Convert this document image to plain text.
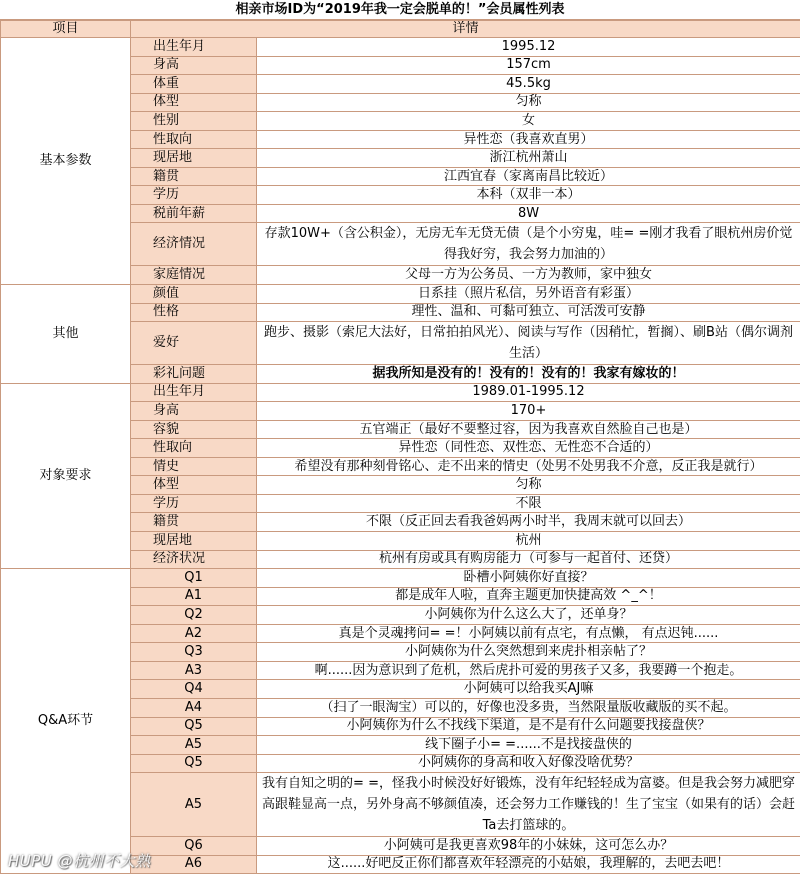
相亲市场ID为“2019年我一定会脱单的！”会员属性列表
项目	详情	
基本参数	出生年月	1995.12
	身高	157cm
	体重	45.5kg
	体型	匀称
	性别	女
	性取向	异性恋（我喜欢直男）
	现居地	浙江杭州萧山
	籍贯	江西宜春（家离南昌比较近）
	学历	本科（双非一本）
	税前年薪	8W
	经济情况	存款10W+（含公积金），无房无车无贷无债（是个小穷鬼，哇= =刚才我看了眼杭州房价觉得我好穷，我会努力加油的）
	家庭情况	父母一方为公务员、一方为教师，家中独女
其他	颜值	日系挂（照片私信，另外语音有彩蛋）
	性格	理性、温和、可黏可独立、可活泼可安静
	爱好	跑步、摄影（索尼大法好，日常拍拍风光）、阅读与写作（因稍忙，暂搁）、刷B站（偶尔调剂生活）
	彩礼问题	据我所知是没有的！没有的！没有的！我家有嫁妆的！
对象要求	出生年月	1989.01-1995.12
	身高	170+
	容貌	五官端正（最好不要整过容，因为我喜欢自然脸自己也是）
	性取向	异性恋（同性恋、双性恋、无性恋不合适的）
	情史	希望没有那种刻骨铭心、走不出来的情史（处男不处男我不介意，反正我是就行）
	体型	匀称
	学历	不限
	籍贯	不限（反正回去看我爸妈两小时半，我周末就可以回去）
	现居地	杭州
	经济状况	杭州有房或具有购房能力（可参与一起首付、还贷）
Q&A环节	Q1	卧槽小阿姨你好直接？
	A1	都是成年人啦，直奔主题更加快捷高效 ^_^！
	Q2	小阿姨你为什么这么大了，还单身？
	A2	真是个灵魂拷问= =！小阿姨以前有点宅，有点懒， 有点迟钝......
	Q3	小阿姨你为什么突然想到来虎扑相亲帖了？
	A3	啊......因为意识到了危机，然后虎扑可爱的男孩子又多，我要蹲一个抱走。
	Q4	小阿姨可以给我买AJ嘛
	A4	（扫了一眼淘宝）可以的，好像也没多贵，当然限量版收藏版的买不起。
	Q5	小阿姨你为什么不找线下渠道，是不是有什么问题要找接盘侠？
	A5	线下圈子小= =......不是找接盘侠的
	Q5	小阿姨你的身高和收入好像没啥优势？
	A5	我有自知之明的= =，怪我小时候没好好锻炼，没有年纪轻轻成为富婆。但是我会努力减肥穿高跟鞋显高一点，另外身高不够颜值凑，还会努力工作赚钱的！生了宝宝（如果有的话）会赶Ta去打篮球的。
	Q6	小阿姨可是我更喜欢98年的小妹妹，这可怎么办？
	A6	这......好吧反正你们都喜欢年轻漂亮的小姑娘，我理解的，去吧去吧！
HUPU @杭州不大熟
